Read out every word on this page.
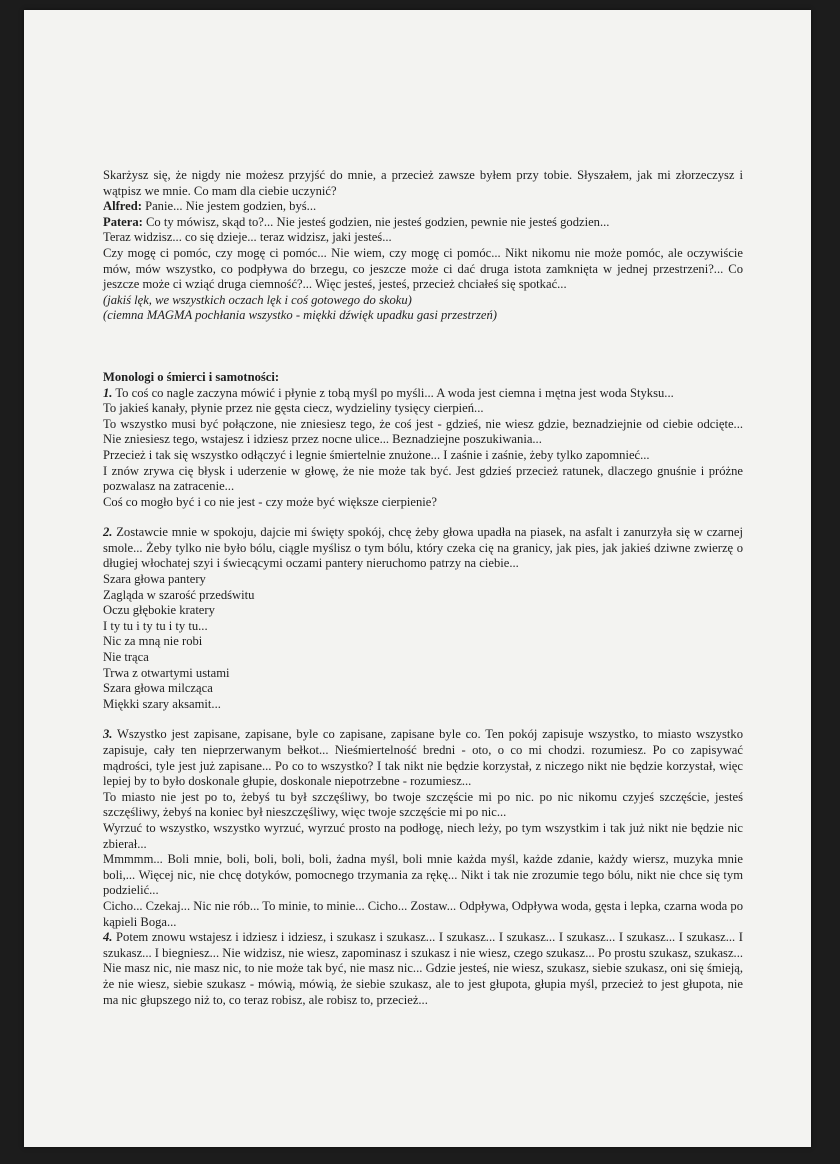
Skarżysz się, że nigdy nie możesz przyjść do mnie, a przecież zawsze byłem przy tobie. Słyszałem, jak mi złorzeczysz i wątpisz we mnie. Co mam dla ciebie uczynić?

Alfred: Panie... Nie jestem godzien, byś...

Patera: Co ty mówisz, skąd to?... Nie jesteś godzien, nie jesteś godzien, pewnie nie jesteś godzien...

Teraz widzisz... co się dzieje... teraz widzisz, jaki jesteś...

Czy mogę ci pomóc, czy mogę ci pomóc... Nie wiem, czy mogę ci pomóc... Nikt nikomu nie może pomóc, ale oczywiście mów, mów wszystko, co podpływa do brzegu, co jeszcze może ci dać druga istota zamknięta w jednej przestrzeni?... Co jeszcze może ci wziąć druga ciemność?... Więc jesteś, jesteś, przecież chciałeś się spotkać...

(jakiś lęk, we wszystkich oczach lęk i coś gotowego do skoku)

(ciemna MAGMA pochłania wszystko - miękki dźwięk upadku gasi przestrzeń)

Monologi o śmierci i samotności:

1. To coś co nagle zaczyna mówić i płynie z tobą myśl po myśli... A woda jest ciemna i mętna jest woda Styksu...

To jakieś kanały, płynie przez nie gęsta ciecz, wydzieliny tysięcy cierpień...

To wszystko musi być połączone, nie zniesiesz tego, że coś jest - gdzieś, nie wiesz gdzie, beznadziejnie od ciebie odcięte... Nie zniesiesz tego, wstajesz i idziesz przez nocne ulice... Beznadziejne poszukiwania...

Przecież i tak się wszystko odłączyć i legnie śmiertelnie znużone... I zaśnie i zaśnie, żeby tylko zapomnieć...

I znów zrywa cię błysk i uderzenie w głowę, że nie może tak być. Jest gdzieś przecież ratunek, dlaczego gnuśnie i próżne pozwalasz na zatracenie...

Coś co mogło być i co nie jest - czy może być większe cierpienie?

2. Zostawcie mnie w spokoju, dajcie mi święty spokój, chcę żeby głowa upadła na piasek, na asfalt i zanurzyła się w czarnej smole... Żeby tylko nie było bólu, ciągle myślisz o tym bólu, który czeka cię na granicy, jak pies, jak jakieś dziwne zwierzę o długiej włochatej szyi i świecącymi oczami pantery nieruchomo patrzy na ciebie...

Szara głowa pantery

Zagląda w szarość przedświtu

Oczu głębokie kratery

I ty tu i ty tu i ty tu...

Nic za mną nie robi

Nie trąca

Trwa z otwartymi ustami

Szara głowa milcząca

Miękki szary aksamit...

3. Wszystko jest zapisane, zapisane, byle co zapisane, zapisane byle co. Ten pokój zapisuje wszystko, to miasto wszystko zapisuje, cały ten nieprzerwanym bełkot... Nieśmiertelność bredni - oto, o co mi chodzi. rozumiesz. Po co zapisywać mądrości, tyle jest już zapisane... Po co to wszystko? I tak nikt nie będzie korzystał, z niczego nikt nie będzie korzystał, więc lepiej by to było doskonale głupie, doskonale niepotrzebne - rozumiesz...

To miasto nie jest po to, żebyś tu był szczęśliwy, bo twoje szczęście mi po nic. po nic nikomu czyjeś szczęście, jesteś szczęśliwy, żebyś na koniec był nieszczęśliwy, więc twoje szczęście mi po nic...

Wyrzuć to wszystko, wszystko wyrzuć, wyrzuć prosto na podłogę, niech leży, po tym wszystkim i tak już nikt nie będzie nic zbierał...

Mmmmm... Boli mnie, boli, boli, boli, boli, żadna myśl, boli mnie każda myśl, każde zdanie, każdy wiersz, muzyka mnie boli,... Więcej nic, nie chcę dotyków, pomocnego trzymania za rękę... Nikt i tak nie zrozumie tego bólu, nikt nie chce się tym podzielić...

Cicho... Czekaj... Nic nie rób... To minie, to minie... Cicho... Zostaw... Odpływa, Odpływa woda, gęsta i lepka, czarna woda po kąpieli Boga...

4. Potem znowu wstajesz i idziesz i idziesz, i szukasz i szukasz... I szukasz... I szukasz... I szukasz... I szukasz... I szukasz... I szukasz... I biegniesz... Nie widzisz, nie wiesz, zapominasz i szukasz i nie wiesz, czego szukasz... Po prostu szukasz, szukasz... Nie masz nic, nie masz nic, to nie może tak być, nie masz nic... Gdzie jesteś, nie wiesz, szukasz, siebie szukasz, oni się śmieją, że nie wiesz, siebie szukasz - mówią, mówią, że siebie szukasz, ale to jest głupota, głupia myśl, przecież to jest głupota, nie ma nic głupszego niż to, co teraz robisz, ale robisz to, przecież...
